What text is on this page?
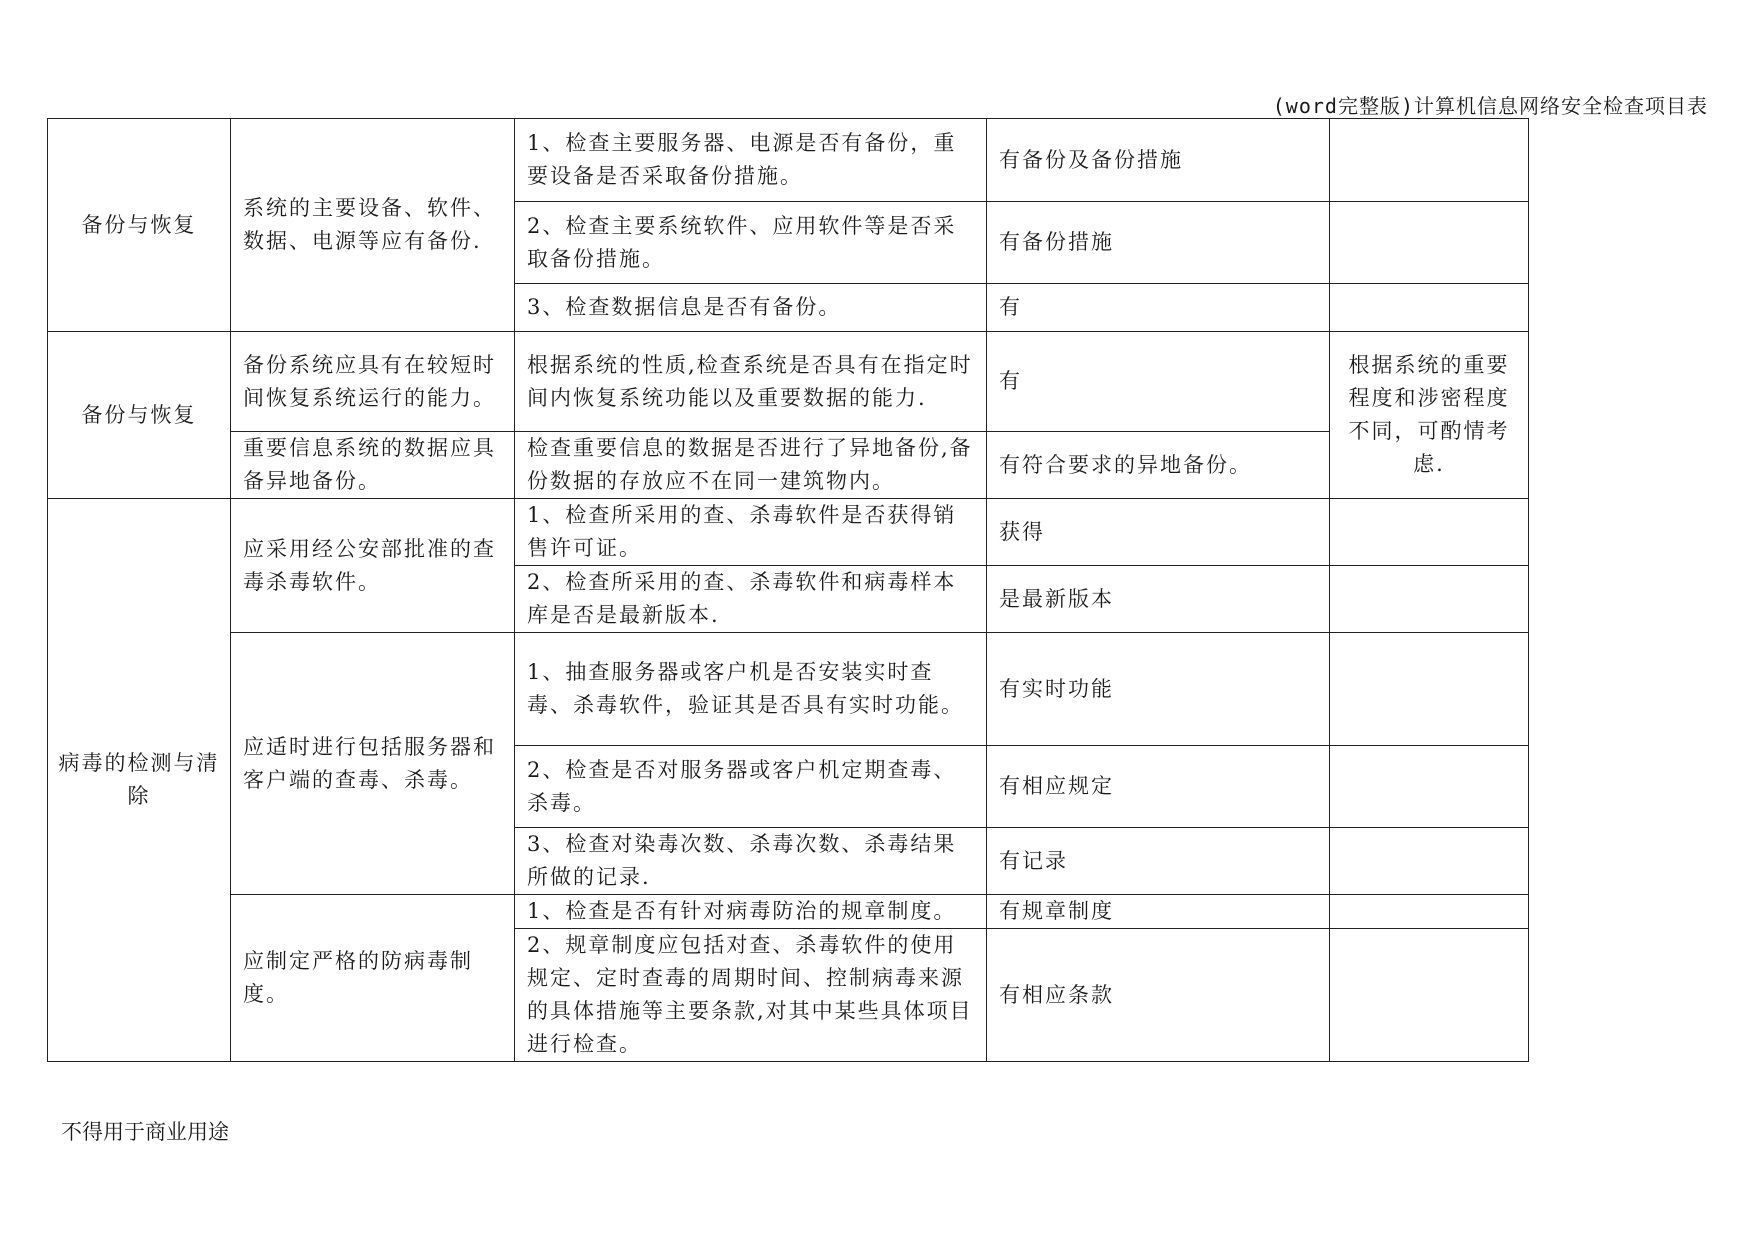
(word完整版)计算机信息网络安全检查项目表
备份与恢复	系统的主要设备、软件、数据、电源等应有备份.	1、检查主要服务器、电源是否有备份，重要设备是否采取备份措施。	有备份及备份措施	
		2、检查主要系统软件、应用软件等是否采取备份措施。	有备份措施	
		3、检查数据信息是否有备份。	有	
备份与恢复	备份系统应具有在较短时间恢复系统运行的能力。	根据系统的性质,检查系统是否具有在指定时间内恢复系统功能以及重要数据的能力.	有	根据系统的重要程度和涉密程度不同，可酌情考虑.
	重要信息系统的数据应具备异地备份。	检查重要信息的数据是否进行了异地备份,备份数据的存放应不在同一建筑物内。	有符合要求的异地备份。	
病毒的检测与清除	应采用经公安部批准的查毒杀毒软件。	1、检查所采用的查、杀毒软件是否获得销售许可证。	获得	
		2、检查所采用的查、杀毒软件和病毒样本库是否是最新版本.	是最新版本	
	应适时进行包括服务器和客户端的查毒、杀毒。	1、抽查服务器或客户机是否安装实时查毒、杀毒软件，验证其是否具有实时功能。	有实时功能	
		2、检查是否对服务器或客户机定期查毒、杀毒。	有相应规定	
		3、检查对染毒次数、杀毒次数、杀毒结果所做的记录.	有记录	
	应制定严格的防病毒制度。	1、检查是否有针对病毒防治的规章制度。	有规章制度	
		2、规章制度应包括对查、杀毒软件的使用规定、定时查毒的周期时间、控制病毒来源的具体措施等主要条款,对其中某些具体项目进行检查。	有相应条款	
不得用于商业用途
